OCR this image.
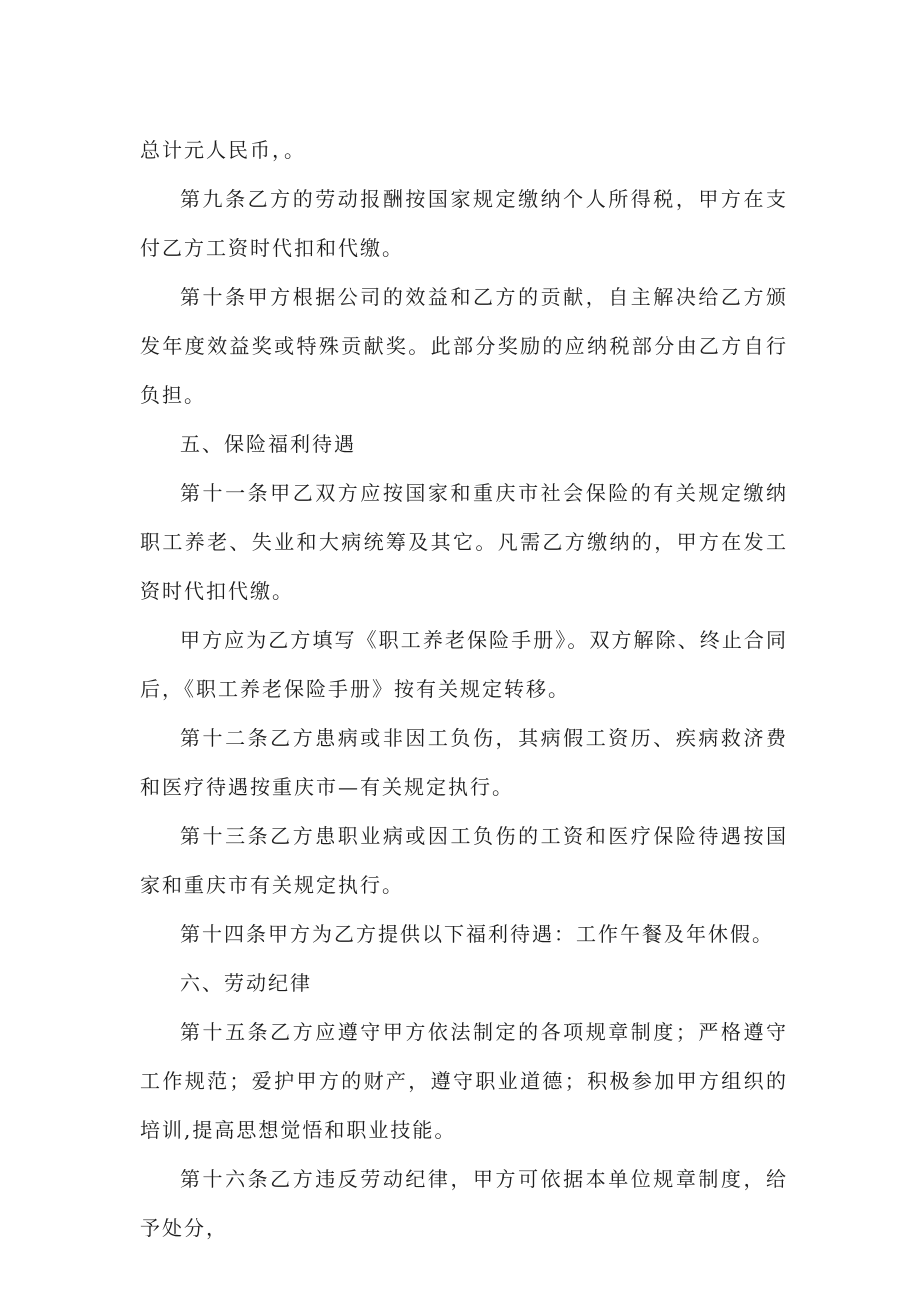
总计元人民币，。

第九条乙方的劳动报酬按国家规定缴纳个人所得税，甲方在支付乙方工资时代扣和代缴。

第十条甲方根据公司的效益和乙方的贡献，自主解决给乙方颁发年度效益奖或特殊贡献奖。此部分奖励的应纳税部分由乙方自行负担。

五、保险福利待遇

第十一条甲乙双方应按国家和重庆市社会保险的有关规定缴纳职工养老、失业和大病统筹及其它。凡需乙方缴纳的，甲方在发工资时代扣代缴。

甲方应为乙方填写《职工养老保险手册》。双方解除、终止合同后，《职工养老保险手册》按有关规定转移。

第十二条乙方患病或非因工负伤，其病假工资历、疾病救济费和医疗待遇按重庆市—有关规定执行。

第十三条乙方患职业病或因工负伤的工资和医疗保险待遇按国家和重庆市有关规定执行。

第十四条甲方为乙方提供以下福利待遇：工作午餐及年休假。

六、劳动纪律

第十五条乙方应遵守甲方依法制定的各项规章制度；严格遵守工作规范；爱护甲方的财产，遵守职业道德；积极参加甲方组织的培训,提高思想觉悟和职业技能。

第十六条乙方违反劳动纪律，甲方可依据本单位规章制度，给予处分，
